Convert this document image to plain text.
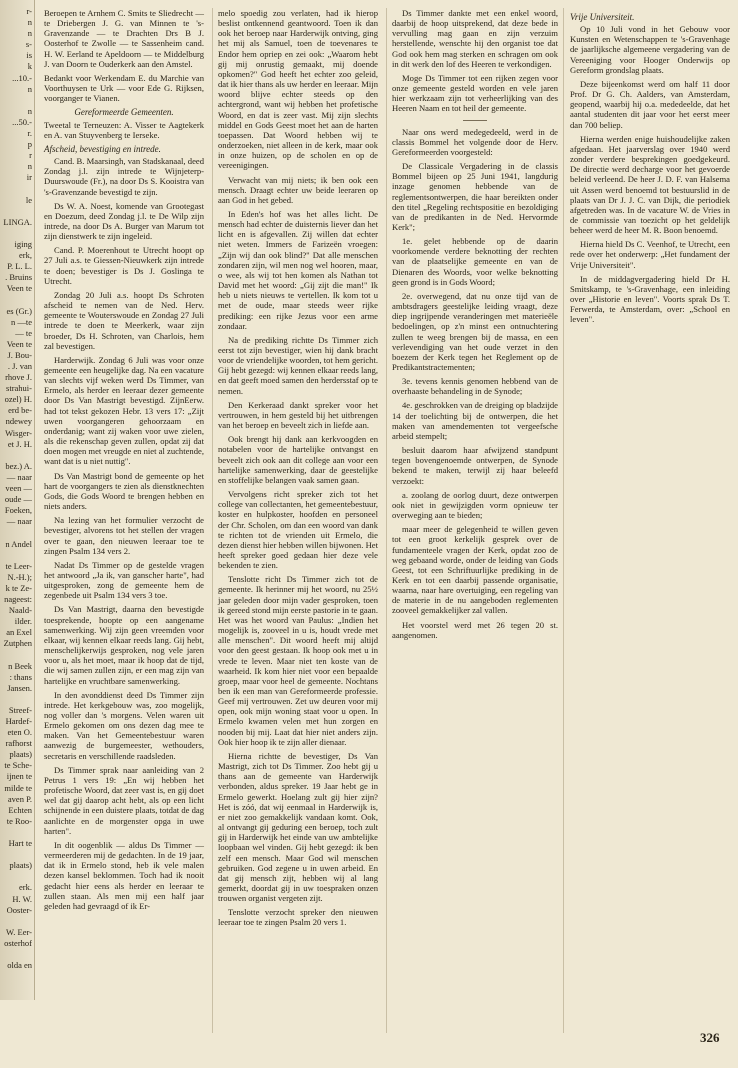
r-
n
n
s-
is
k
...10.-
n

n
...50.-
r.
p
r
n
ir

le

LINGA.

iging
erk,
P. L. L.
. Bruins
Veen te

es (Gr.)
n —te
— te
Veen te
J. Bou-
. J. van
rhove J.
strahui-
ozel) H.
erd be-
ndewey
Wisger-
et J. H.

bez.) A.
— naar
veen —
oude —
Foeken,
— naar

n Andel

te Leer-
N.-H.);
k te Ze-
nageest:
Naald-
ilder.
an Exel
Zutphen

n Beek
: thans
Jansen.

Streef-
Hardef-
eten O.
rafhorst
plaats)
te Sche-
ijnen te
milde te
aven P.
Echten
te Roo-

Hart te

plaats)

erk.
H. W.
Ooster-

W. Eer-
osterhof

olda en

Beroepen te Arnhem C. Smits te Sliedrecht — te Driebergen J. G. van Minnen te 's-Gravenzande — te Drachten Drs B J. Oosterhof te Zwolle — te Sassenheim cand. H. W. Eerland te Apeldoorn — te Middelburg J. van Doorn te Ouderkerk aan den Amstel.

Bedankt voor Werkendam E. du Marchie van Voorthuysen te Urk — voor Ede G. Rijksen, voorganger te Vianen.

Gereformeerde Gemeenten.

Tweetal te Terneuzen: A. Visser te Aagtekerk en A. van Stuyvenberg te Ierseke.

Afscheid, bevestiging en intrede.

Cand. B. Maarsingh, van Stadskanaal, deed Zondag j.l. zijn intrede te Wijnjeterp-Duurswoude (Fr.), na door Ds S. Kooistra van 's-Gravenzande bevestigd te zijn.

Ds W. A. Noest, komende van Grootegast en Doezum, deed Zondag j.l. te De Wilp zijn intrede, na door Ds A. Burger van Marum tot zijn dienstwerk te zijn ingeleid.

Cand. P. Moerenhout te Utrecht hoopt op 27 Juli a.s. te Giessen-Nieuwkerk zijn intrede te doen; bevestiger is Ds J. Goslinga te Utrecht.

Zondag 20 Juli a.s. hoopt Ds Schroten afscheid te nemen van de Ned. Herv. gemeente te Wouterswoude en Zondag 27 Juli intrede te doen te Meerkerk, waar zijn broeder, Ds H. Schroten, van Charlois, hem zal bevestigen.

Harderwijk. Zondag 6 Juli was voor onze gemeente een heugelijke dag. Na een vacature van slechts vijf weken werd Ds Timmer, van Ermelo, als herder en leeraar dezer gemeente door Ds Van Mastrigt bevestigd. ZijnEerw. had tot tekst gekozen Hebr. 13 vers 17: „Zijt uwen voorgangeren gehoorzaam en onderdanig; want zij waken voor uwe zielen, als die rekenschap geven zullen, opdat zij dat doen mogen met vreugde en niet al zuchtende, want dat is u niet nuttig".

Ds Van Mastrigt bond de gemeente op het hart de voorgangers te zien als dienstknechten Gods, die Gods Woord te brengen hebben en niets anders.

Na lezing van het formulier verzocht de bevestiger, alvorens tot het stellen der vragen over te gaan, den nieuwen leeraar toe te zingen Psalm 134 vers 2.

Nadat Ds Timmer op de gestelde vragen het antwoord „Ja ik, van ganscher harte", had uitgesproken, zong de gemeente hem de zegenbede uit Psalm 134 vers 3 toe.

Ds Van Mastrigt, daarna den bevestigde toesprekende, hoopte op een aangename samenwerking. Wij zijn geen vreemden voor elkaar, wij kennen elkaar reeds lang. Gij hebt, menschelijkerwijs gesproken, nog vele jaren voor u, als het moet, maar ik hoop dat de tijd, die wij samen zullen zijn, er een mag zijn van hartelijke en vruchtbare samenwerking.

In den avonddienst deed Ds Timmer zijn intrede. Het kerkgebouw was, zoo mogelijk, nog voller dan 's morgens. Velen waren uit Ermelo gekomen om ons dezen dag mee te maken. Van het Gemeentebestuur waren aanwezig de burgemeester, wethouders, secretaris en verschillende raadsleden.

Ds Timmer sprak naar aanleiding van 2 Petrus 1 vers 19: „En wij hebben het profetische Woord, dat zeer vast is, en gij doet wel dat gij daarop acht hebt, als op een licht schijnende in een duistere plaats, totdat de dag aanlichte en de morgenster opga in uwe harten".

In dit oogenblik — aldus Ds Timmer — vermeerderen mij de gedachten. In de 19 jaar, dat ik in Ermelo stond, heb ik vele malen dezen kansel beklommen. Toch had ik nooit gedacht hier eens als herder en leeraar te zullen staan. Als men mij een half jaar geleden had gevraagd of ik Er-

melo spoedig zou verlaten, had ik hierop beslist ontkennend geantwoord. Toen ik dan ook het beroep naar Harderwijk ontving, ging het mij als Samuel, toen de toevenares te Endor hem opriep en zei ook: „Waarom hebt gij mij onrustig gemaakt, mij doende opkomen?" God heeft het echter zoo geleid, dat ik hier thans als uw herder en leeraar. Mijn woord blijve echter steeds op den achtergrond, want wij hebben het profetische Woord, en dat is zeer vast. Mij zijn slechts middel en Gods Geest moet het aan de harten toepassen. Dat Woord hebben wij te onderzoeken, niet alleen in de kerk, maar ook in onze huizen, op de scholen en op de vereenigingen.

Verwacht van mij niets; ik ben ook een mensch. Draagt echter uw beide leeraren op aan God in het gebed.

In Eden's hof was het alles licht. De mensch had echter de duisternis liever dan het licht en is afgevallen. Zij willen dat echter niet weten. Immers de Farizeën vroegen: „Zijn wij dan ook blind?" Dat alle menschen zondaren zijn, wil men nog wel hooren, maar, o wee, als wij tot hen komen als Nathan tot David met het woord: „Gij zijt die man!" Ik heb u niets nieuws te vertellen. Ik kom tot u met de oude, maar steeds weer rijke prediking: een rijke Jezus voor een arme zondaar.

Na de prediking richtte Ds Timmer zich eerst tot zijn bevestiger, wien hij dank bracht voor de vriendelijke woorden, tot hem gericht. Gij hebt gezegd: wij kennen elkaar reeds lang, en dat geeft moed samen den herdersstaf op te nemen.

Den Kerkeraad dankt spreker voor het vertrouwen, in hem gesteld bij het uitbrengen van het beroep en beveelt zich in liefde aan.

Ook brengt hij dank aan kerkvoogden en notabelen voor de hartelijke ontvangst en beveelt zich ook aan dit college aan voor een hartelijke samenwerking, daar de geestelijke en stoffelijke belangen vaak samen gaan.

Vervolgens richt spreker zich tot het college van collectanten, het gemeentebestuur, koster en hulpkoster, hoofden en personeel der Chr. Scholen, om dan een woord van dank te richten tot de vrienden uit Ermelo, die dezen dienst hier hebben willen bijwonen. Het heeft spreker goed gedaan hier deze vele bekenden te zien.

Tenslotte richt Ds Timmer zich tot de gemeente. Ik herinner mij het woord, nu 25½ jaar geleden door mijn vader gesproken, toen ik gereed stond mijn eerste pastorie in te gaan. Het was het woord van Paulus: „Indien het mogelijk is, zooveel in u is, houdt vrede met alle menschen". Dit woord heeft mij altijd voor den geest gestaan. Ik hoop ook met u in vrede te leven. Maar niet ten koste van de waarheid. Ik kom hier niet voor een bepaalde groep, maar voor heel de gemeente. Nochtans ben ik een man van Gereformeerde professie. Geef mij vertrouwen. Zet uw deuren voor mij open, ook mijn woning staat voor u open. In Ermelo kwamen velen met hun zorgen en nooden bij mij. Laat dat hier niet anders zijn. Ook hier hoop ik te zijn aller dienaar.

Hierna richtte de bevestiger, Ds Van Mastrigt, zich tot Ds Timmer. Zoo hebt gij u thans aan de gemeente van Harderwijk verbonden, aldus spreker. 19 Jaar hebt ge in Ermelo gewerkt. Hoelang zult gij hier zijn? Het is zóó, dat wij eenmaal in Harderwijk is, er niet zoo gemakkelijk vandaan komt. Ook, al ontvangt gij geduring een beroep, toch zult gij in Harderwijk het einde van uw ambtelijke loopbaan wel vinden. Gij hebt gezegd: ik ben zelf een mensch. Maar God wil menschen gebruiken. God zegene u in uwen arbeid. En dat gij mensch zijt, hebben wij al lang gemerkt, doordat gij in uw toespraken onzen trouwen organist vergeten zijt.

Tenslotte verzocht spreker den nieuwen leeraar toe te zingen Psalm 20 vers 1.

Ds Timmer dankte met een enkel woord, daarbij de hoop uitsprekend, dat deze bede in vervulling mag gaan en zijn verzuim herstellende, wenschte hij den organist toe dat God ook hem mag sterken en schragen om ook in dit werk den lof des Heeren te verkondigen.

Moge Ds Timmer tot een rijken zegen voor onze gemeente gesteld worden en vele jaren hier werkzaam zijn tot verheerlijking van des Heeren Naam en tot heil der gemeente.

Naar ons werd medegedeeld, werd in de classis Bommel het volgende door de Herv. Gereformeerden voorgesteld:

De Classicale Vergadering in de classis Bommel bijeen op 25 Juni 1941, langdurig inzage genomen hebbende van de reglementsontwerpen, die haar bereikten onder den titel „Regeling rechtspositie en bezoldiging van de predikanten in de Ned. Hervormde Kerk";

1e. gelet hebbende op de daarin voorkomende verdere beknotting der rechten van de plaatselijke gemeente en van de Dienaren des Woords, voor welke beknotting geen grond is in Gods Woord;

2e. overwegend, dat nu onze tijd van de ambtsdragers geestelijke leiding vraagt, deze diep ingrijpende veranderingen met materieële bedoelingen, op z'n minst een ontnuchtering zullen te weeg brengen bij de massa, en een verlevendiging van het oude verzet in den boezem der Kerk tegen het Reglement op de Predikantstractementen;

3e. tevens kennis genomen hebbend van de overhaaste behandeling in de Synode;

4e. geschrokken van de dreiging op bladzijde 14 der toelichting bij de ontwerpen, die het maken van amendementen tot vergeefsche arbeid stempelt;

besluit daarom haar afwijzend standpunt tegen bovengenoemde ontwerpen, de Synode bekend te maken, terwijl zij haar beleefd verzoekt:

a. zoolang de oorlog duurt, deze ontwerpen ook niet in gewijzigden vorm opnieuw ter overweging aan te bieden;

maar meer de gelegenheid te willen geven tot een groot kerkelijk gesprek over de fundamenteele vragen der Kerk, opdat zoo de weg gebaand worde, onder de leiding van Gods Geest, tot een Schriftuurlijke prediking in de Kerk en tot een daarbij passende organisatie, waarna, naar hare overtuiging, een regeling van de materie in de nu aangeboden reglementen zooveel gemakkelijker zal vallen.

Het voorstel werd met 26 tegen 20 st. aangenomen.

Vrije Universiteit.

Op 10 Juli vond in het Gebouw voor Kunsten en Wetenschappen te 's-Gravenhage de jaarlijksche algemeene vergadering van de Vereeniging voor Hooger Onderwijs op Gereform grondslag plaats.

Deze bijeenkomst werd om half 11 door Prof. Dr G. Ch. Aalders, van Amsterdam, geopend, waarbij hij o.a. mededeelde, dat het aantal studenten dit jaar voor het eerst meer dan 700 beliep.

Hierna werden enige huishoudelijke zaken afgedaan. Het jaarverslag over 1940 werd zonder verdere besprekingen goedgekeurd. De directie werd decharge voor het gevoerde beleid verleend. De heer J. D. F. van Halsema uit Assen werd benoemd tot bestuurslid in de plaats van Dr J. J. C. van Dijk, die periodiek afgetreden was. In de vacature W. de Vries in de commissie van toezicht op het geldelijk beheer werd de heer M. R. Boon benoemd.

Hierna hield Ds C. Veenhof, te Utrecht, een rede over het onderwerp: „Het fundament der Vrije Universiteit".

In de middagvergadering hield Dr H. Smitskamp, te 's-Gravenhage, een inleiding over „Historie en leven". Voorts sprak Ds T. Ferwerda, te Amsterdam, over: „School en leven".

326
